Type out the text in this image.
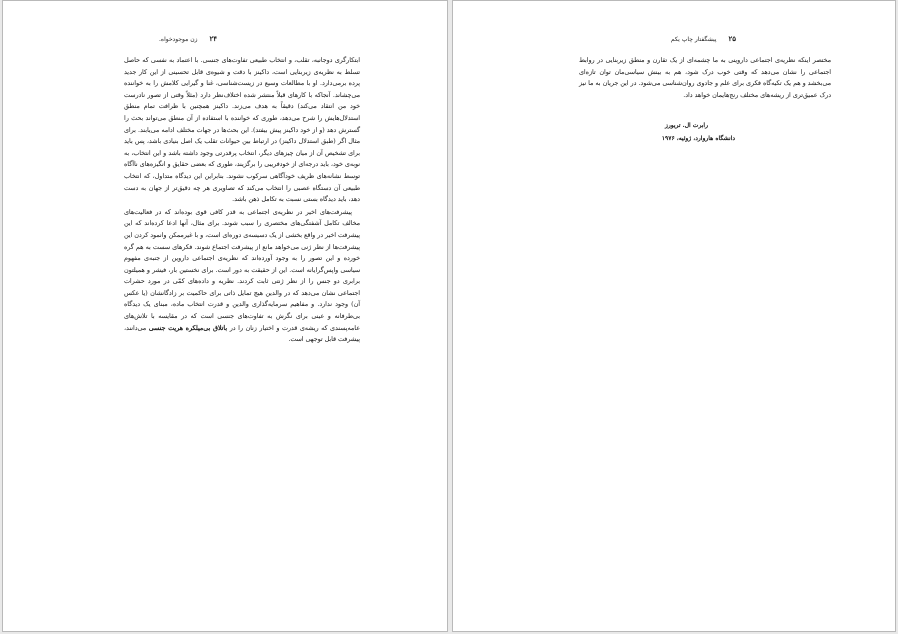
۲۴ زن موجودخواه.

ابتکارگری دوجانبه، تقلب، و انتخاب طبیعی تفاوت‌های جنسی. با اعتماد به نفسی که حاصل تسلط به نظریه‌ی زیربنایی است، داکینز با دقت و شیوه‌ی قابل تحسینی از این کار جدید پرده برمی‌دارد. او با مطالعات وسیع در زیست‌شناسی، غنا و گیرایی کلامش را به خواننده می‌چشاند. آنجاکه با کارهای قبلاً منتشر شده اختلاف‌نظر دارد (مثلاً وقتی از تصور نادرست خود من انتقاد می‌کند) دقیقاً به هدف می‌زند. داکینز همچنین با ظرافت تمام منطق استدلال‌هایش را شرح می‌دهد، طوری که خواننده با استفاده از آن منطق می‌تواند بحث را گسترش دهد (و از خود داکینز پیش بیفتد). این بحث‌ها در جهات مختلف ادامه می‌یابند. برای مثال اگر (طبق استدلال داکینز) در ارتباط بین حیوانات تقلب یک اصل بنیادی باشد، پس باید برای تشخیص آن از میان چیزهای دیگر، انتخاب پرقدرتی وجود داشته باشد و این انتخاب، به نوبه‌ی خود، باید درجه‌ای از خودفریبی را برگزیند، طوری که بعضی حقایق و انگیزه‌های ناآگاه توسط نشانه‌های ظریف خودآگاهی سرکوب نشوند. بنابراین این دیدگاه متداول، که انتخاب طبیعی آن دستگاه عصبی را انتخاب می‌کند که تصاویری هر چه دقیق‌تر از جهان به دست دهد، باید دیدگاه بستی نسبت به تکامل ذهن باشد.

پیشرفت‌های اخیر در نظریه‌ی اجتماعی به قدر کافی قوی بوده‌اند که در فعالیت‌های مخالف تکامل آشفتگی‌های مختصری را سبب شوند. برای مثال، آنها ادعا کرده‌اند که این پیشرفت اخیر در واقع بخشی از یک دسیسه‌ی دوره‌ای است، و با غیرممکن وانمود کردن این پیشرفت‌ها از نظر ژنی می‌خواهد مانع از پیشرفت اجتماع شوند. فکرهای سست به هم گره خورده و این تصور را به وجود آورده‌اند که نظریه‌ی اجتماعی داروین از جنبه‌ی مفهوم سیاسی واپس‌گرایانه است. این از حقیقت به دور است. برای نخستین بار، فیشر و همیلتون برابری دو جنس را از نظر ژنتی ثابت کردند. نظریه و داده‌های کمّی در مورد حشرات اجتماعی نشان می‌دهد که در والدین هیچ تمایل ذاتی برای حاکمیت بر زادگانشان (یا عکس آن) وجود ندارد. و مفاهیم سرمایه‌گذاری والدین و قدرت انتخاب ماده، مبنای یک دیدگاه بی‌طرفانه و عینی برای نگرش به تفاوت‌های جنسی است که در مقایسه با تلاش‌های عامه‌پسندی که ریشه‌ی قدرت و اختیار زنان را در باتلاق بی‌میلکره هریت جنسی می‌دانند، پیشرفت قابل توجهی است.

۲۵ پیشگفتار چاپ یکم

مختصر اینکه نظریه‌ی اجتماعی داروینی به ما چشمه‌ای از یک تقارن و منطق زیربنایی در روابط اجتماعی را نشان می‌دهد که وقتی خوب درک شود، هم به بینش سیاسی‌مان توان تازه‌ای می‌بخشد و هم یک تکیه‌گاه فکری برای علم و جادوی روان‌شناسی می‌شود. در این جریان به ما نیز درک عمیق‌تری از ریشه‌های مختلف رنج‌هایمان خواهد داد.

رابرت ال. تریورز
دانشگاه هاروارد، ژوئیه، ۱۹۷۶
